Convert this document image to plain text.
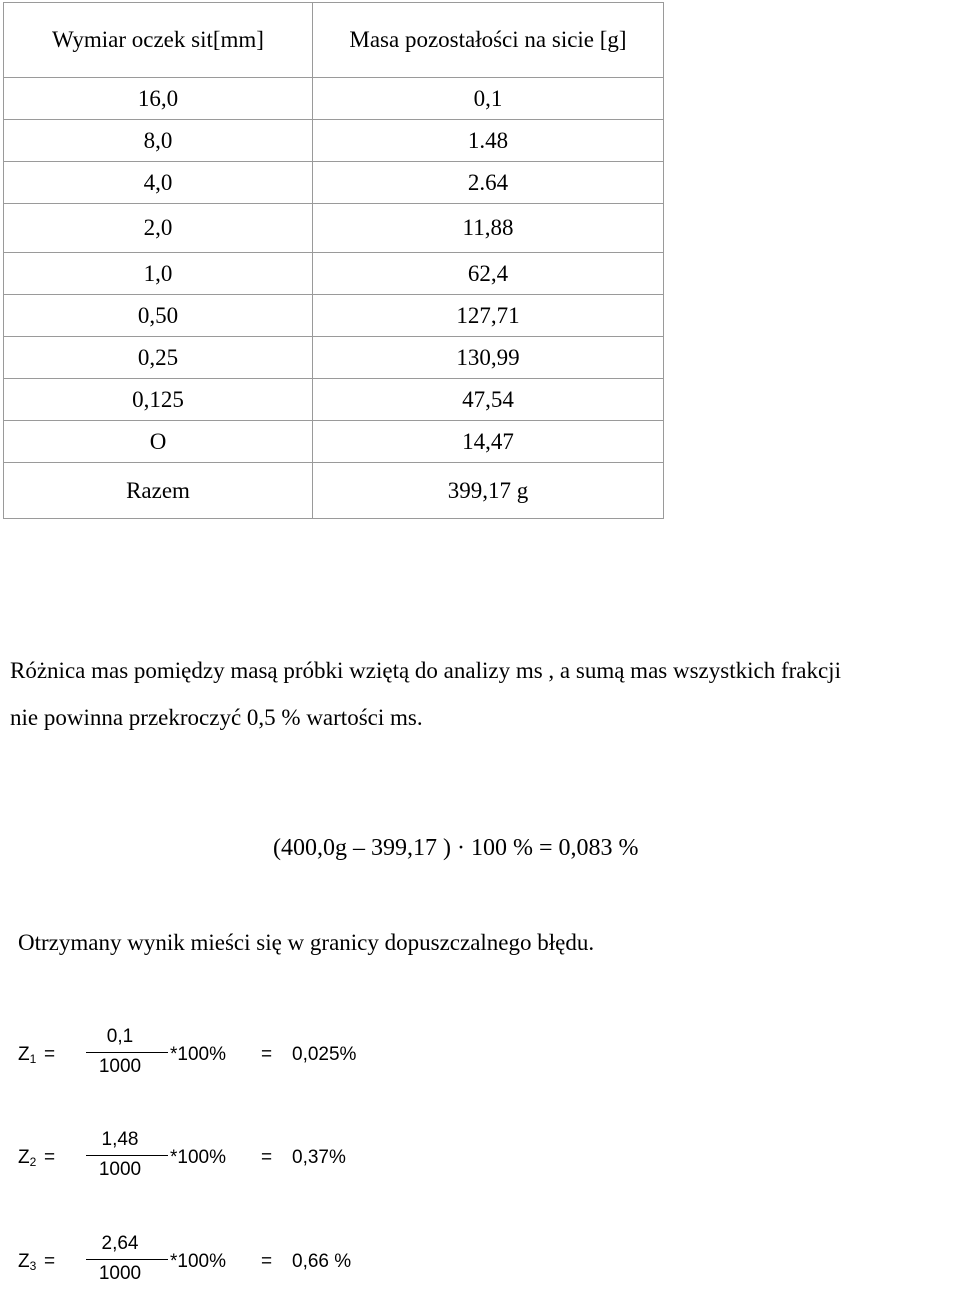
Wymiar oczek sit[mm]	Masa pozostałości na sicie [g]
16,0	0,1
8,0	1.48
4,0	2.64
2,0	11,88
1,0	62,4
0,50	127,71
0,25	130,99
0,125	47,54
O	14,47
Razem	399,17 g
Różnica mas pomiędzy masą próbki wziętą do analizy ms , a sumą mas wszystkich frakcji
nie powinna przekroczyć 0,5 % wartości ms.
(400,0g – 399,17 ) · 100 % = 0,083 %
Otrzymany wynik mieści się w granicy dopuszczalnego błędu.
$Z_1$ =
0,1
1000
*100% = 0,025%
$Z_2$ =
1,48
1000
*100% = 0,37%
$Z_3$ =
2,64
1000
*100% = 0,66 %
